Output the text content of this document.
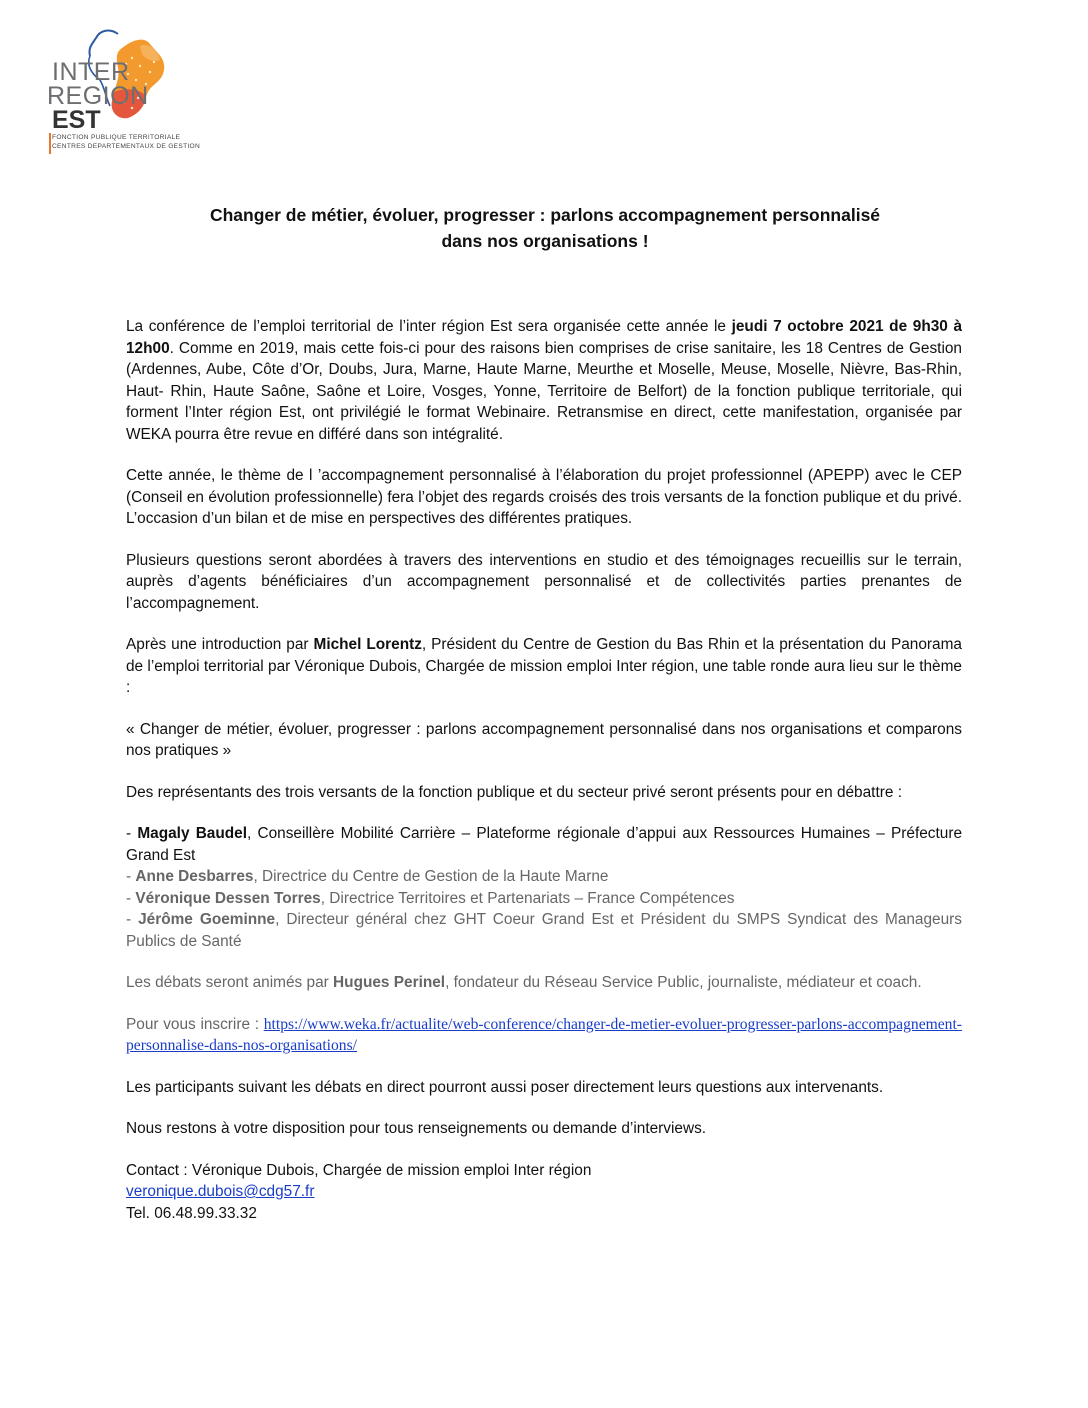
INTER
REGION
EST
FONCTION PUBLIQUE TERRITORIALE
CENTRES DEPARTEMENTAUX DE GESTION
Changer de métier, évoluer, progresser : parlons accompagnement personnalisé
dans nos organisations !

La conférence de l’emploi territorial de l’inter région Est sera organisée cette année le jeudi 7 octobre 2021 de 9h30 à 12h00. Comme en 2019, mais cette fois-ci pour des raisons bien comprises de crise sanitaire, les 18 Centres de Gestion (Ardennes, Aube, Côte d’Or, Doubs, Jura, Marne, Haute Marne, Meurthe et Moselle, Meuse, Moselle, Nièvre, Bas-Rhin, Haut- Rhin, Haute Saône, Saône et Loire, Vosges, Yonne, Territoire de Belfort) de la fonction publique territoriale, qui forment l’Inter région Est, ont privilégié le format Webinaire. Retransmise en direct, cette manifestation, organisée par WEKA pourra être revue en différé dans son intégralité.

Cette année, le thème de l ’accompagnement personnalisé à l’élaboration du projet professionnel (APEPP) avec le CEP (Conseil en évolution professionnelle) fera l’objet des regards croisés des trois versants de la fonction publique et du privé. L’occasion d’un bilan et de mise en perspectives des différentes pratiques.

Plusieurs questions seront abordées à travers des interventions en studio et des témoignages recueillis sur le terrain, auprès d’agents bénéficiaires d’un accompagnement personnalisé et de collectivités parties prenantes de l’accompagnement.

Après une introduction par Michel Lorentz, Président du Centre de Gestion du Bas Rhin et la présentation du Panorama de l’emploi territorial par Véronique Dubois, Chargée de mission emploi Inter région, une table ronde aura lieu sur le thème :

« Changer de métier, évoluer, progresser : parlons accompagnement personnalisé dans nos organisations et comparons nos pratiques »

Des représentants des trois versants de la fonction publique et du secteur privé seront présents pour en débattre :

- Magaly Baudel, Conseillère Mobilité Carrière – Plateforme régionale d’appui aux Ressources Humaines – Préfecture Grand Est

- Anne Desbarres, Directrice du Centre de Gestion de la Haute Marne

- Véronique Dessen Torres, Directrice Territoires et Partenariats – France Compétences

- Jérôme Goeminne, Directeur général chez GHT Coeur Grand Est et Président du SMPS Syndicat des Manageurs Publics de Santé

Les débats seront animés par Hugues Perinel, fondateur du Réseau Service Public, journaliste, médiateur et coach.

Pour vous inscrire : https://www.weka.fr/actualite/web-conference/changer-de-metier-evoluer-progresser-parlons-accompagnement-personnalise-dans-nos-organisations/

Les participants suivant les débats en direct pourront aussi poser directement leurs questions aux intervenants.

Nous restons à votre disposition pour tous renseignements ou demande d’interviews.

Contact : Véronique Dubois, Chargée de mission emploi Inter région

veronique.dubois@cdg57.fr

Tel. 06.48.99.33.32
